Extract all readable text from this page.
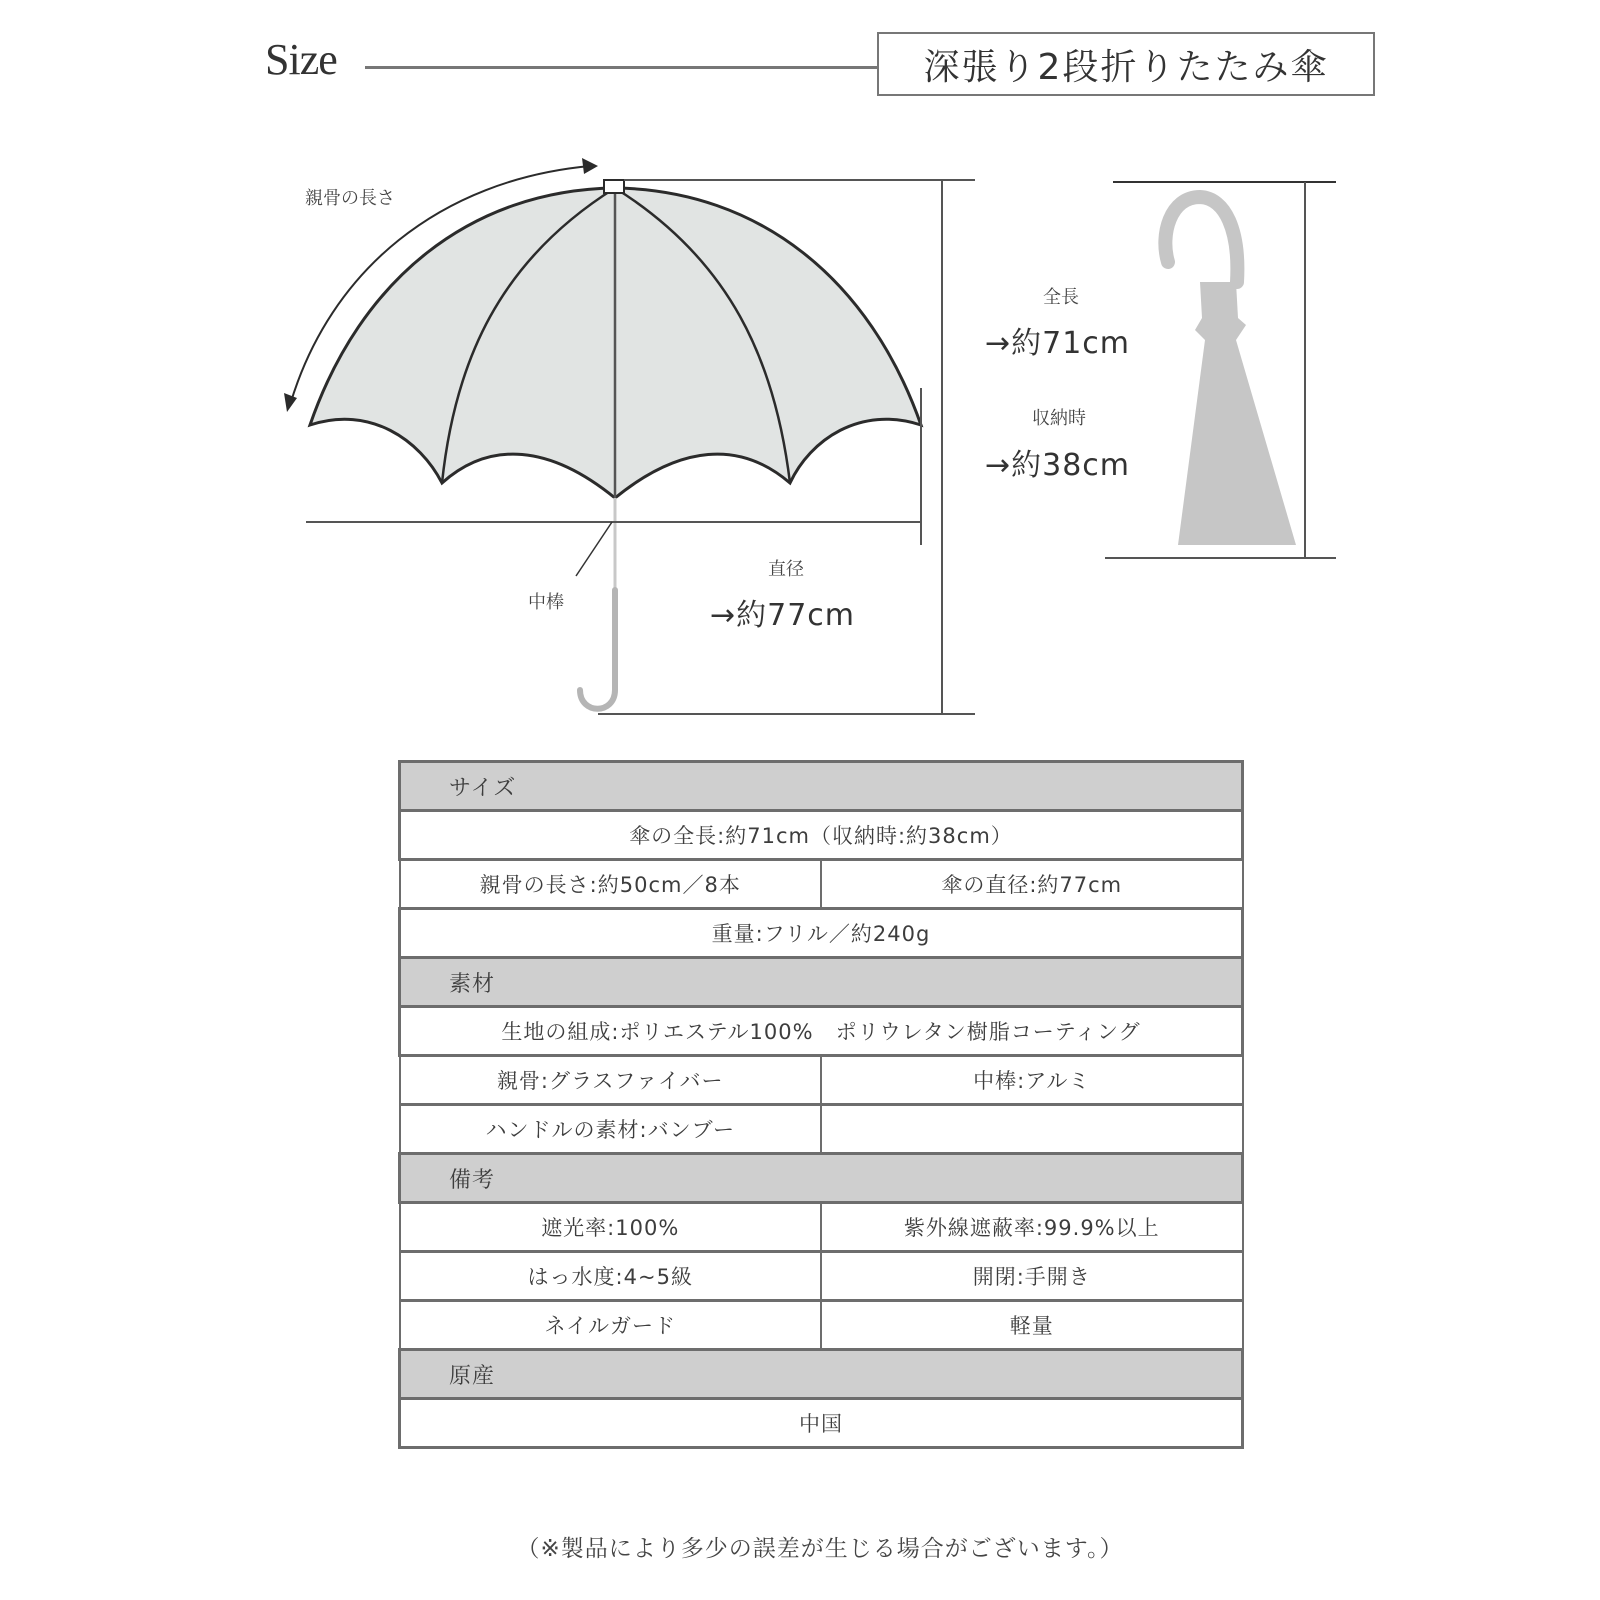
Size	深張り2段折りたたみ傘
親骨の長さ
中棒
直径
→約77cm
全長
→約71cm
収納時
→約38cm
サイズ	
傘の全長:約71cm（収納時:約38cm）	
親骨の長さ:約50cm／8本	傘の直径:約77cm
重量:フリル／約240g	
素材	
生地の組成:ポリエステル100%　ポリウレタン樹脂コーティング	
親骨:グラスファイバー	中棒:アルミ
ハンドルの素材:バンブー	
備考	
遮光率:100%	紫外線遮蔽率:99.9%以上
はっ水度:4~5級	開閉:手開き
ネイルガード	軽量
原産	
中国	
（※製品により多少の誤差が生じる場合がございます。）
